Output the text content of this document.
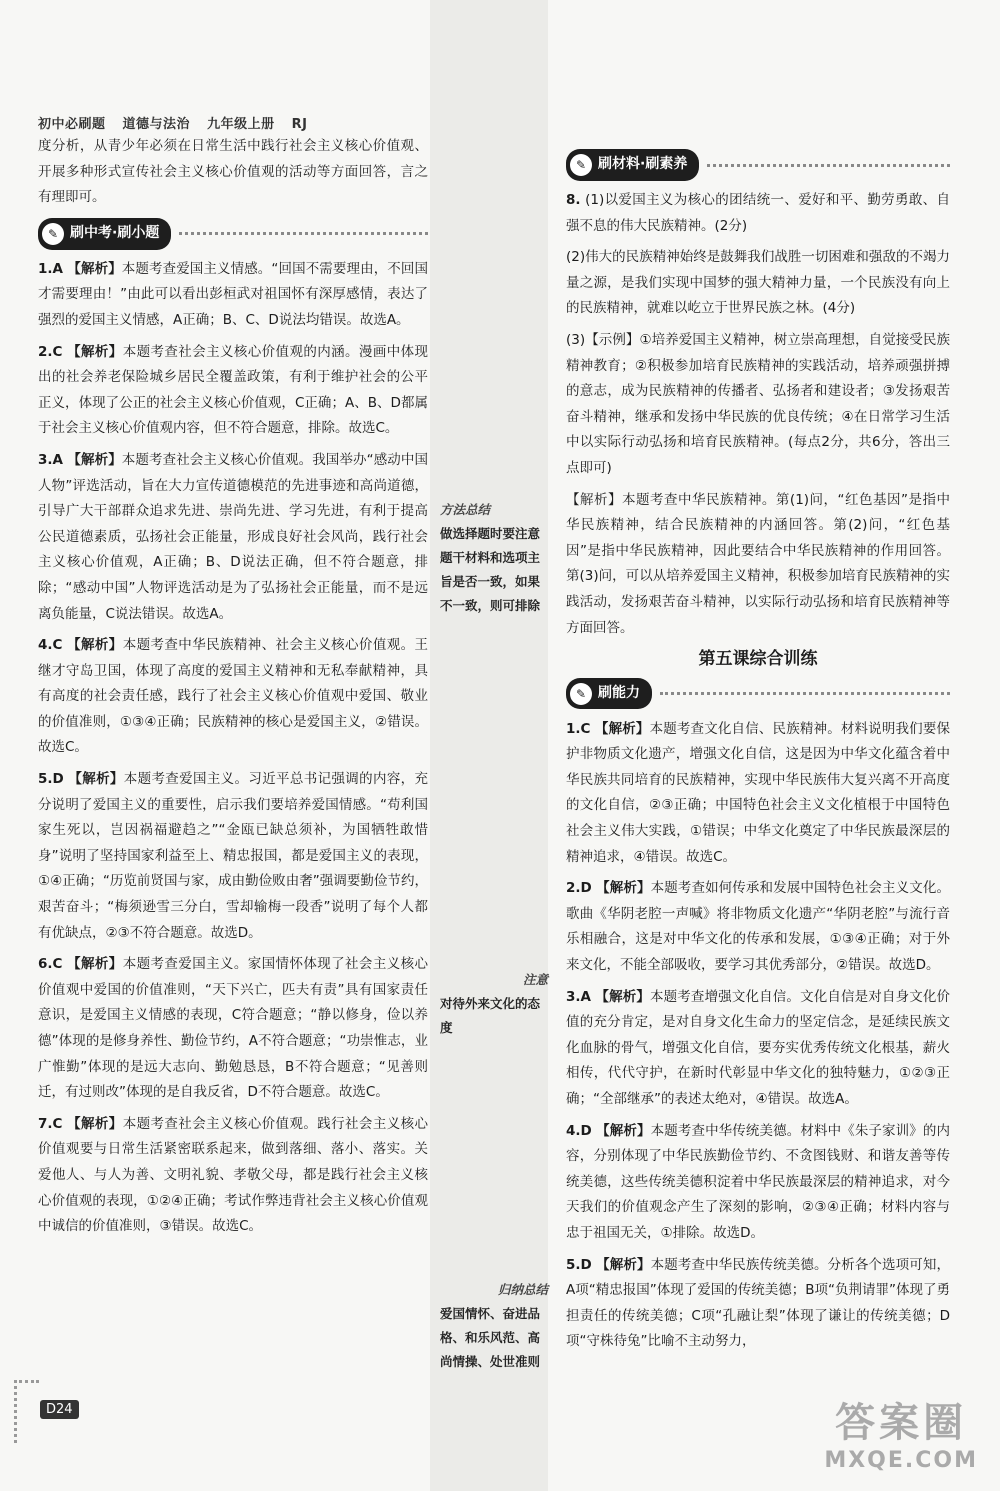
初中必刷题 道德与法治 九年级上册 RJ

度分析，从青少年必须在日常生活中践行社会主义核心价值观、开展多种形式宣传社会主义核心价值观的活动等方面回答，言之有理即可。

✎ 刷中考·刷小题

1.A 【解析】本题考查爱国主义情感。“回国不需要理由，不回国才需要理由！”由此可以看出彭桓武对祖国怀有深厚感情，表达了强烈的爱国主义情感，A正确；B、C、D说法均错误。故选A。

2.C 【解析】本题考查社会主义核心价值观的内涵。漫画中体现出的社会养老保险城乡居民全覆盖政策，有利于维护社会的公平正义，体现了公正的社会主义核心价值观，C正确；A、B、D都属于社会主义核心价值观内容，但不符合题意，排除。故选C。

3.A 【解析】本题考查社会主义核心价值观。我国举办“感动中国人物”评选活动，旨在大力宣传道德模范的先进事迹和高尚道德，引导广大干部群众追求先进、崇尚先进、学习先进，有利于提高公民道德素质，弘扬社会正能量，形成良好社会风尚，践行社会主义核心价值观，A正确；B、D说法正确，但不符合题意，排除；“感动中国”人物评选活动是为了弘扬社会正能量，而不是远离负能量，C说法错误。故选A。

4.C 【解析】本题考查中华民族精神、社会主义核心价值观。王继才守岛卫国，体现了高度的爱国主义精神和无私奉献精神，具有高度的社会责任感，践行了社会主义核心价值观中爱国、敬业的价值准则，①③④正确；民族精神的核心是爱国主义，②错误。故选C。

5.D 【解析】本题考查爱国主义。习近平总书记强调的内容，充分说明了爱国主义的重要性，启示我们要培养爱国情感。“苟利国家生死以，岂因祸福避趋之”“金瓯已缺总须补，为国牺牲敢惜身”说明了坚持国家利益至上、精忠报国，都是爱国主义的表现，①④正确；“历览前贤国与家，成由勤俭败由奢”强调要勤俭节约，艰苦奋斗；“梅须逊雪三分白，雪却输梅一段香”说明了每个人都有优缺点，②③不符合题意。故选D。

6.C 【解析】本题考查爱国主义。家国情怀体现了社会主义核心价值观中爱国的价值准则，“天下兴亡，匹夫有责”具有国家责任意识，是爱国主义情感的表现，C符合题意；“静以修身，俭以养德”体现的是修身养性、勤俭节约，A不符合题意；“功崇惟志，业广惟勤”体现的是远大志向、勤勉恳恳，B不符合题意；“见善则迁，有过则改”体现的是自我反省，D不符合题意。故选C。

7.C 【解析】本题考查社会主义核心价值观。践行社会主义核心价值观要与日常生活紧密联系起来，做到落细、落小、落实。关爱他人、与人为善、文明礼貌、孝敬父母，都是践行社会主义核心价值观的表现，①②④正确；考试作弊违背社会主义核心价值观中诚信的价值准则，③错误。故选C。

方法总结
做选择题时要注意题干材料和选项主旨是否一致，如果不一致，则可排除
注意
对待外来文化的态度
归纳总结
爱国情怀、奋进品格、和乐风范、高尚情操、处世准则
✎ 刷材料·刷素养

8. (1)以爱国主义为核心的团结统一、爱好和平、勤劳勇敢、自强不息的伟大民族精神。(2分)

(2)伟大的民族精神始终是鼓舞我们战胜一切困难和强敌的不竭力量之源，是我们实现中国梦的强大精神力量，一个民族没有向上的民族精神，就难以屹立于世界民族之林。(4分)

(3)【示例】①培养爱国主义精神，树立崇高理想，自觉接受民族精神教育；②积极参加培育民族精神的实践活动，培养顽强拼搏的意志，成为民族精神的传播者、弘扬者和建设者；③发扬艰苦奋斗精神，继承和发扬中华民族的优良传统；④在日常学习生活中以实际行动弘扬和培育民族精神。(每点2分，共6分，答出三点即可)

【解析】本题考查中华民族精神。第(1)问，“红色基因”是指中华民族精神，结合民族精神的内涵回答。第(2)问，“红色基因”是指中华民族精神，因此要结合中华民族精神的作用回答。第(3)问，可以从培养爱国主义精神，积极参加培育民族精神的实践活动，发扬艰苦奋斗精神，以实际行动弘扬和培育民族精神等方面回答。

第五课综合训练
✎ 刷能力

1.C 【解析】本题考查文化自信、民族精神。材料说明我们要保护非物质文化遗产，增强文化自信，这是因为中华文化蕴含着中华民族共同培育的民族精神，实现中华民族伟大复兴离不开高度的文化自信，②③正确；中国特色社会主义文化植根于中国特色社会主义伟大实践，①错误；中华文化奠定了中华民族最深层的精神追求，④错误。故选C。

2.D 【解析】本题考查如何传承和发展中国特色社会主义文化。歌曲《华阴老腔一声喊》将非物质文化遗产“华阴老腔”与流行音乐相融合，这是对中华文化的传承和发展，①③④正确；对于外来文化，不能全部吸收，要学习其优秀部分，②错误。故选D。

3.A 【解析】本题考查增强文化自信。文化自信是对自身文化价值的充分肯定，是对自身文化生命力的坚定信念，是延续民族文化血脉的骨气，增强文化自信，要夯实优秀传统文化根基，薪火相传，代代守护，在新时代彰显中华文化的独特魅力，①②③正确；“全部继承”的表述太绝对，④错误。故选A。

4.D 【解析】本题考查中华传统美德。材料中《朱子家训》的内容，分别体现了中华民族勤俭节约、不贪图钱财、和谐友善等传统美德，这些传统美德积淀着中华民族最深层的精神追求，对今天我们的价值观念产生了深刻的影响，②③④正确；材料内容与忠于祖国无关，①排除。故选D。

5.D 【解析】本题考查中华民族传统美德。分析各个选项可知，A项“精忠报国”体现了爱国的传统美德；B项“负荆请罪”体现了勇担责任的传统美德；C项“孔融让梨”体现了谦让的传统美德；D项“守株待兔”比喻不主动努力，

D24	答案圈
MXQE.COM
